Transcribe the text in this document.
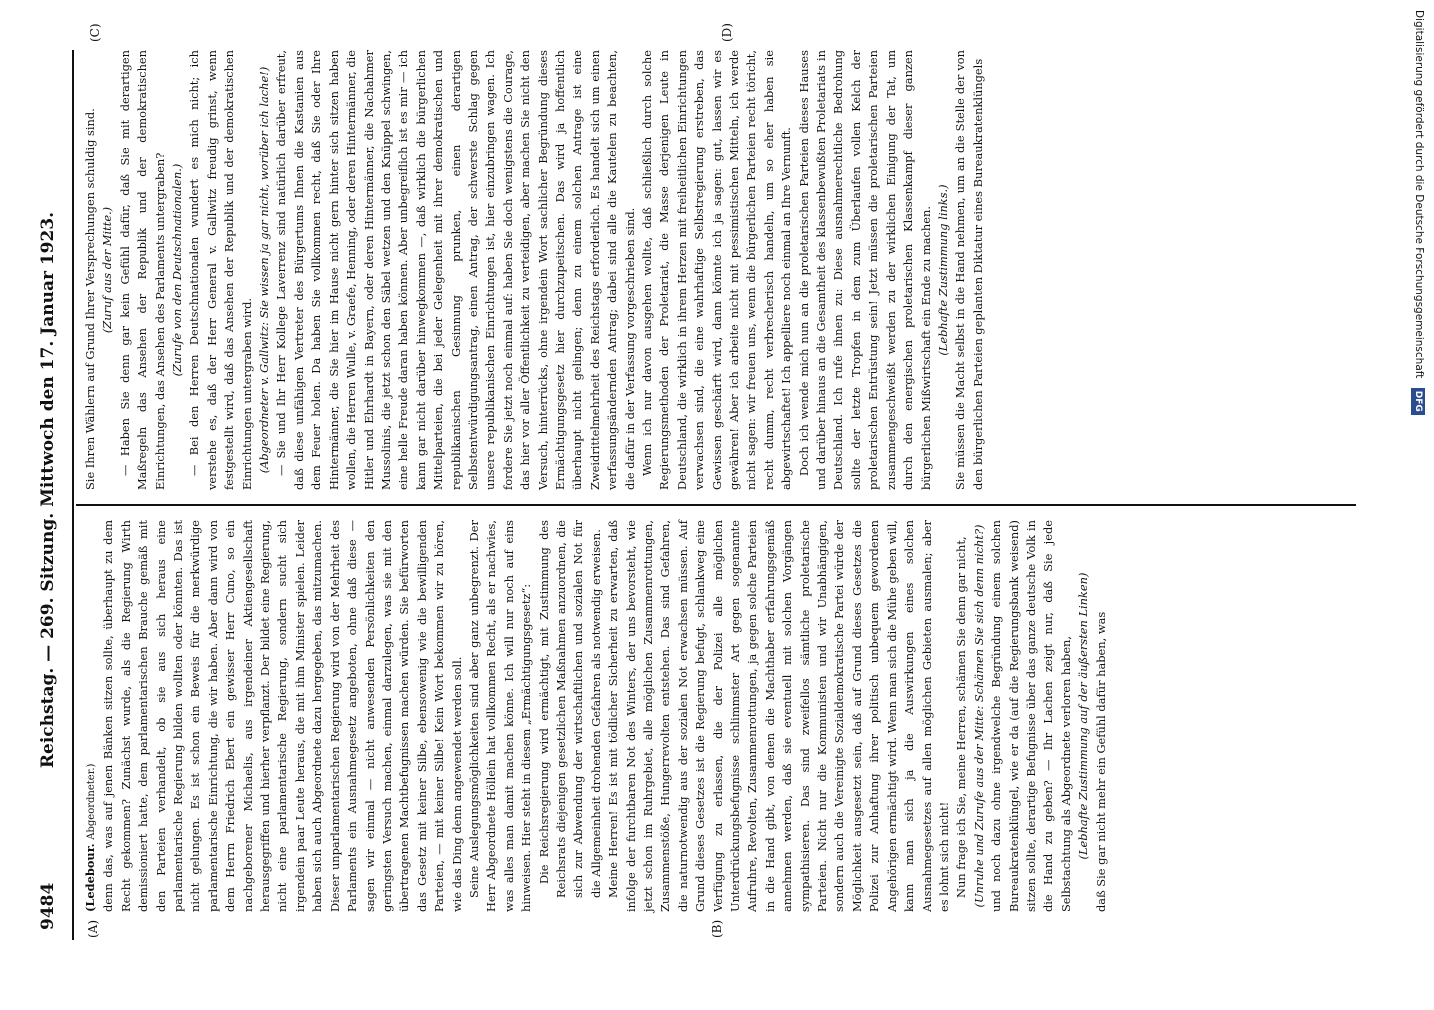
9484
Reichstag. — 269. Sitzung. Mittwoch den 17. Januar 1923.
(A)	(B)
(C)	(D)

(Ledebour. Abgeordneter.) denn das, was auf jenen Bänken sitzen sollte, überhaupt zu dem Recht gekommen? Zunächst wurde, als die Regierung Wirth demissioniert hatte, dem parlamentarischen Brauche gemäß mit den Parteien verhandelt, ob sie aus sich heraus eine parlamentarische Regierung bilden wollten oder könnten. Das ist nicht gelungen. Es ist schon ein Beweis für die merkwürdige parlamentarische Einrichtung, die wir haben. Aber dann wird von dem Herrn Friedrich Ebert ein gewisser Herr Cuno, so ein nachgeborener Michaelis, aus irgendeiner Aktiengesellschaft herausgegriffen und hierher verpflanzt. Der bildet eine Regierung, nicht eine parlamentarische Regierung, sondern sucht sich irgendein paar Leute heraus, die mit ihm Minister spielen. Leider haben sich auch Abgeordnete dazu hergegeben, das mitzumachen. Dieser unparlamentarischen Regierung wird von der Mehrheit des Parlaments ein Ausnahmegesetz angeboten, ohne daß diese — sagen wir einmal — nicht anwesenden Persönlichkeiten den geringsten Versuch machen, einmal darzulegen, was sie mit den übertragenen Machtbefugnissen machen würden. Sie befürworten das Gesetz mit keiner Silbe, ebensowenig wie die bewilligenden Parteien, — mit keiner Silbe! Kein Wort bekommen wir zu hören, wie das Ding denn angewendet werden soll. Seine Auslegungsmöglichkeiten sind aber ganz unbegrenzt. Der Herr Abgeordnete Höllein hat vollkommen Recht, als er nachwies, was alles man damit machen könne. Ich will nur noch auf eins hinweisen. Hier steht in diesem „Ermächtigungsgesetz“: Die Reichsregierung wird ermächtigt, mit Zustimmung des Reichsrats diejenigen gesetzlichen Maßnahmen anzuordnen, die sich zur Abwendung der wirtschaftlichen und sozialen Not für die Allgemeinheit drohenden Gefahren als notwendig erweisen. Meine Herren! Es ist mit tödlicher Sicherheit zu erwarten, daß infolge der furchtbaren Not des Winters, der uns bevorsteht, wie jetzt schon im Ruhrgebiet, alle möglichen Zusammenrottungen, Zusammenstöße, Hungerrevolten entstehen. Das sind Gefahren, die naturnotwendig aus der sozialen Not erwachsen müssen. Auf Grund dieses Gesetzes ist die Regierung befugt, schlankweg eine Verfügung zu erlassen, die der Polizei alle möglichen Unterdrückungsbefugnisse schlimmster Art gegen sogenannte Aufruhre, Revolten, Zusammenrottungen, ja gegen solche Parteien in die Hand gibt, von denen die Machthaber erfahrungsgemäß annehmen werden, daß sie eventuell mit solchen Vorgängen sympathisieren. Das sind zweifellos sämtliche proletarische Parteien. Nicht nur die Kommunisten und wir Unabhängigen, sondern auch die Vereinigte Sozialdemokratische Partei würde der Möglichkeit ausgesetzt sein, daß auf Grund dieses Gesetzes die Polizei zur Anhaftung ihrer politisch unbequem gewordenen Angehörigen ermächtigt wird. Wenn man sich die Mühe geben will, kann man sich ja die Auswirkungen eines solchen Ausnahmegesetzes auf allen möglichen Gebieten ausmalen; aber es lohnt sich nicht! Nun frage ich Sie, meine Herren, schämen Sie denn gar nicht, (Unruhe und Zurufe aus der Mitte: Schämen Sie sich denn nicht?) und noch dazu ohne irgendwelche Begründung einem solchen Bureaukratenklüngel, wie er da (auf die Regierungsbank weisend) sitzen sollte, derartige Befugnisse über das ganze deutsche Volk in die Hand zu geben? — Ihr Lachen zeigt nur, daß Sie jede Selbstachtung als Abgeordnete verloren haben, (Lebhafte Zustimmung auf der äußersten Linken) daß Sie gar nicht mehr ein Gefühl dafür haben, was

Sie Ihren Wählern auf Grund Ihrer Versprechungen schuldig sind. (Zuruf aus der Mitte.) — Haben Sie denn gar kein Gefühl dafür, daß Sie mit derartigen Maßregeln das Ansehen der Republik und der demokratischen Einrichtungen, das Ansehen des Parlaments untergraben? (Zurufe von den Deutschnationalen.) — Bei den Herren Deutschnationalen wundert es mich nicht; ich verstehe es, daß der Herr General v. Gallwitz freudig grinst, wenn festgestellt wird, daß das Ansehen der Republik und der demokratischen Einrichtungen untergraben wird. (Abgeordneter v. Gallwitz: Sie wissen ja gar nicht, worüber ich lache!) — Sie und Ihr Herr Kollege Laverrenz sind natürlich darüber erfreut, daß diese unfähigen Vertreter des Bürgertums Ihnen die Kastanien aus dem Feuer holen. Da haben Sie vollkommen recht, daß Sie oder Ihre Hintermänner, die Sie hier im Hause nicht gern hinter sich sitzen haben wollen, die Herren Wulle, v. Graefe, Henning, oder deren Hintermänner, die Hitler und Ehrhardt in Bayern, oder deren Hintermänner, die Nachahmer Mussolinis, die jetzt schon den Säbel wetzen und den Knüppel schwingen, eine helle Freude daran haben können. Aber unbegreiflich ist es mir — ich kann gar nicht darüber hinwegkommen —, daß wirklich die bürgerlichen Mittelparteien, die bei jeder Gelegenheit mit ihrer demokratischen und republikanischen Gesinnung prunken, einen derartigen Selbstentwürdigungsantrag, einen Antrag, der schwerste Schlag gegen unsere republikanischen Einrichtungen ist, hier einzubringen wagen. Ich fordere Sie jetzt noch einmal auf: haben Sie doch wenigstens die Courage, das hier vor aller Öffentlichkeit zu verteidigen, aber machen Sie nicht den Versuch, hinterrücks, ohne irgendein Wort sachlicher Begründung dieses Ermächtigungsgesetz hier durchzupeitschen. Das wird ja hoffentlich überhaupt nicht gelingen; denn zu einem solchen Antrage ist eine Zweidrittelmehrheit des Reichstags erforderlich. Es handelt sich um einen verfassungsändernden Antrag; dabei sind alle die Kautelen zu beachten, die dafür in der Verfassung vorgeschrieben sind. Wenn ich nur davon ausgehen wollte, daß schließlich durch solche Regierungsmethoden der Proletariat, die Masse derjenigen Leute in Deutschland, die wirklich in ihrem Herzen mit freiheitlichen Einrichtungen verwachsen sind, die eine wahrhaftige Selbstregierung erstreben, das Gewissen geschärft wird, dann könnte ich ja sagen: gut, lassen wir es gewähren! Aber ich arbeite nicht mit pessimistischen Mitteln, ich werde nicht sagen: wir freuen uns, wenn die bürgerlichen Parteien recht töricht, recht dumm, recht verbrecherisch handeln, um so eher haben sie abgewirtschaftet! Ich appelliere noch einmal an Ihre Vernunft. Doch ich wende mich nun an die proletarischen Parteien dieses Hauses und darüber hinaus an die Gesamtheit des klassenbewußten Proletariats in Deutschland. Ich rufe ihnen zu: Diese ausnahmerechtliche Bedrohung sollte der letzte Tropfen in dem zum Überlaufen vollen Kelch der proletarischen Entrüstung sein! Jetzt müssen die proletarischen Parteien zusammengeschweißt werden zu der wirklichen Einigung der Tat, um durch den energischen proletarischen Klassenkampf dieser ganzen bürgerlichen Mißwirtschaft ein Ende zu machen. (Lebhafte Zustimmung links.) Sie müssen die Macht selbst in die Hand nehmen, um an die Stelle der von den bürgerlichen Parteien geplanten Diktatur eines Bureaukratenklüngels	Digitalisierung gefördert durch die Deutsche Forschungsgemeinschaft DFG
